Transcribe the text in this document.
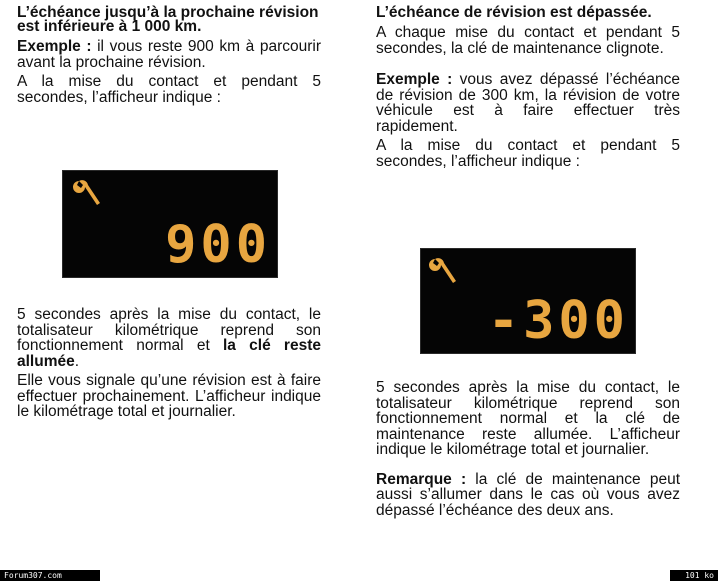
L’échéance jusqu’à la prochaine révision est inférieure à 1 000 km.
Exemple : il vous reste 900 km à parcourir avant la prochaine révision.
A la mise du contact et pendant 5 secondes, l’afficheur indique :
900
5 secondes après la mise du contact, le totalisateur kilométrique reprend son fonctionnement normal et la clé reste allumée.
Elle vous signale qu’une révision est à faire effectuer prochainement. L’afficheur indique le kilométrage total et journalier.
L’échéance de révision est dépassée.
A chaque mise du contact et pendant 5 secondes, la clé de maintenance clignote.
Exemple : vous avez dépassé l’échéance de révision de 300 km, la révision de votre véhicule est à faire effectuer très rapidement.
A la mise du contact et pendant 5 secondes, l’afficheur indique :
-300
5 secondes après la mise du contact, le totalisateur kilométrique reprend son fonctionnement normal et la clé de maintenance reste allumée. L’afficheur indique le kilométrage total et journalier.
Remarque : la clé de maintenance peut aussi s’allumer dans le cas où vous avez dépassé l’échéance des deux ans.
Forum307.com	101 ko
